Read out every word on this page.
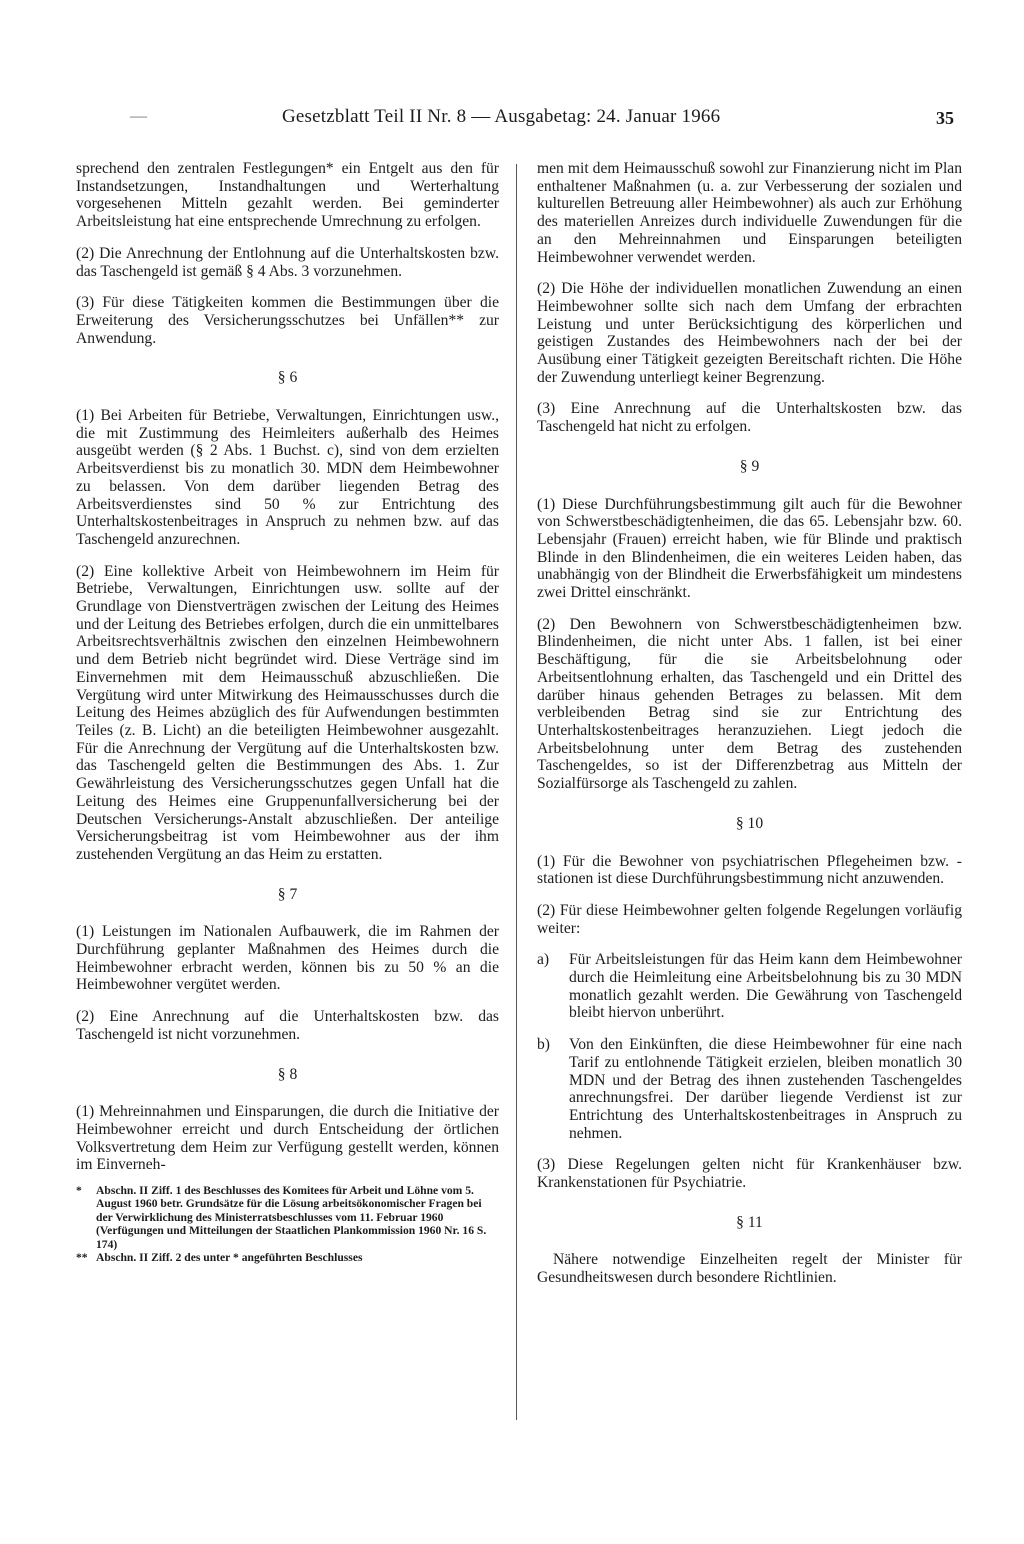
—	Gesetzblatt Teil II Nr. 8 — Ausgabetag: 24. Januar 1966	35

sprechend den zentralen Festlegungen* ein Entgelt aus den für Instandsetzungen, Instandhaltungen und Werterhaltung vorgesehenen Mitteln gezahlt werden. Bei geminderter Arbeitsleistung hat eine entsprechende Umrechnung zu erfolgen.

(2) Die Anrechnung der Entlohnung auf die Unterhaltskosten bzw. das Taschengeld ist gemäß § 4 Abs. 3 vorzunehmen.

(3) Für diese Tätigkeiten kommen die Bestimmungen über die Erweiterung des Versicherungsschutzes bei Unfällen** zur Anwendung.

§ 6

(1) Bei Arbeiten für Betriebe, Verwaltungen, Einrichtungen usw., die mit Zustimmung des Heimleiters außerhalb des Heimes ausgeübt werden (§ 2 Abs. 1 Buchst. c), sind von dem erzielten Arbeitsverdienst bis zu monatlich 30. MDN dem Heimbewohner zu belassen. Von dem darüber liegenden Betrag des Arbeitsverdienstes sind 50 % zur Entrichtung des Unterhaltskostenbeitrages in Anspruch zu nehmen bzw. auf das Taschengeld anzurechnen.

(2) Eine kollektive Arbeit von Heimbewohnern im Heim für Betriebe, Verwaltungen, Einrichtungen usw. sollte auf der Grundlage von Dienstverträgen zwischen der Leitung des Heimes und der Leitung des Betriebes erfolgen, durch die ein unmittelbares Arbeitsrechtsverhältnis zwischen den einzelnen Heimbewohnern und dem Betrieb nicht begründet wird. Diese Verträge sind im Einvernehmen mit dem Heimausschuß abzuschließen. Die Vergütung wird unter Mitwirkung des Heimausschusses durch die Leitung des Heimes abzüglich des für Aufwendungen bestimmten Teiles (z. B. Licht) an die beteiligten Heimbewohner ausgezahlt. Für die Anrechnung der Vergütung auf die Unterhaltskosten bzw. das Taschengeld gelten die Bestimmungen des Abs. 1. Zur Gewährleistung des Versicherungsschutzes gegen Unfall hat die Leitung des Heimes eine Gruppenunfallversicherung bei der Deutschen Versicherungs-Anstalt abzuschließen. Der anteilige Versicherungsbeitrag ist vom Heimbewohner aus der ihm zustehenden Vergütung an das Heim zu erstatten.

§ 7

(1) Leistungen im Nationalen Aufbauwerk, die im Rahmen der Durchführung geplanter Maßnahmen des Heimes durch die Heimbewohner erbracht werden, können bis zu 50 % an die Heimbewohner vergütet werden.

(2) Eine Anrechnung auf die Unterhaltskosten bzw. das Taschengeld ist nicht vorzunehmen.

§ 8

(1) Mehreinnahmen und Einsparungen, die durch die Initiative der Heimbewohner erreicht und durch Entscheidung der örtlichen Volksvertretung dem Heim zur Verfügung gestellt werden, können im Einverneh-

*	Abschn. II Ziff. 1 des Beschlusses des Komitees für Arbeit und Löhne vom 5. August 1960 betr. Grundsätze für die Lösung arbeitsökonomischer Fragen bei der Verwirklichung des Ministerratsbeschlusses vom 11. Februar 1960 (Verfügungen und Mitteilungen der Staatlichen Plankommission 1960 Nr. 16 S. 174)
** Abschn. II Ziff. 2 des unter * angeführten Beschlusses

men mit dem Heimausschuß sowohl zur Finanzierung nicht im Plan enthaltener Maßnahmen (u. a. zur Verbesserung der sozialen und kulturellen Betreuung aller Heimbewohner) als auch zur Erhöhung des materiellen Anreizes durch individuelle Zuwendungen für die an den Mehreinnahmen und Einsparungen beteiligten Heimbewohner verwendet werden.

(2) Die Höhe der individuellen monatlichen Zuwendung an einen Heimbewohner sollte sich nach dem Umfang der erbrachten Leistung und unter Berücksichtigung des körperlichen und geistigen Zustandes des Heimbewohners nach der bei der Ausübung einer Tätigkeit gezeigten Bereitschaft richten. Die Höhe der Zuwendung unterliegt keiner Begrenzung.

(3) Eine Anrechnung auf die Unterhaltskosten bzw. das Taschengeld hat nicht zu erfolgen.

§ 9

(1) Diese Durchführungsbestimmung gilt auch für die Bewohner von Schwerstbeschädigtenheimen, die das 65. Lebensjahr bzw. 60. Lebensjahr (Frauen) erreicht haben, wie für Blinde und praktisch Blinde in den Blindenheimen, die ein weiteres Leiden haben, das unabhängig von der Blindheit die Erwerbsfähigkeit um mindestens zwei Drittel einschränkt.

(2) Den Bewohnern von Schwerstbeschädigtenheimen bzw. Blindenheimen, die nicht unter Abs. 1 fallen, ist bei einer Beschäftigung, für die sie Arbeitsbelohnung oder Arbeitsentlohnung erhalten, das Taschengeld und ein Drittel des darüber hinaus gehenden Betrages zu belassen. Mit dem verbleibenden Betrag sind sie zur Entrichtung des Unterhaltskostenbeitrages heranzuziehen. Liegt jedoch die Arbeitsbelohnung unter dem Betrag des zustehenden Taschengeldes, so ist der Differenzbetrag aus Mitteln der Sozialfürsorge als Taschengeld zu zahlen.

§ 10

(1) Für die Bewohner von psychiatrischen Pflegeheimen bzw. -stationen ist diese Durchführungsbestimmung nicht anzuwenden.

(2) Für diese Heimbewohner gelten folgende Regelungen vorläufig weiter:

a)	Für Arbeitsleistungen für das Heim kann dem Heimbewohner durch die Heimleitung eine Arbeitsbelohnung bis zu 30 MDN monatlich gezahlt werden. Die Gewährung von Taschengeld bleibt hiervon unberührt.
b)	Von den Einkünften, die diese Heimbewohner für eine nach Tarif zu entlohnende Tätigkeit erzielen, bleiben monatlich 30 MDN und der Betrag des ihnen zustehenden Taschengeldes anrechnungsfrei. Der darüber liegende Verdienst ist zur Entrichtung des Unterhaltskostenbeitrages in Anspruch zu nehmen.

(3) Diese Regelungen gelten nicht für Krankenhäuser bzw. Krankenstationen für Psychiatrie.

§ 11

Nähere notwendige Einzelheiten regelt der Minister für Gesundheitswesen durch besondere Richtlinien.
